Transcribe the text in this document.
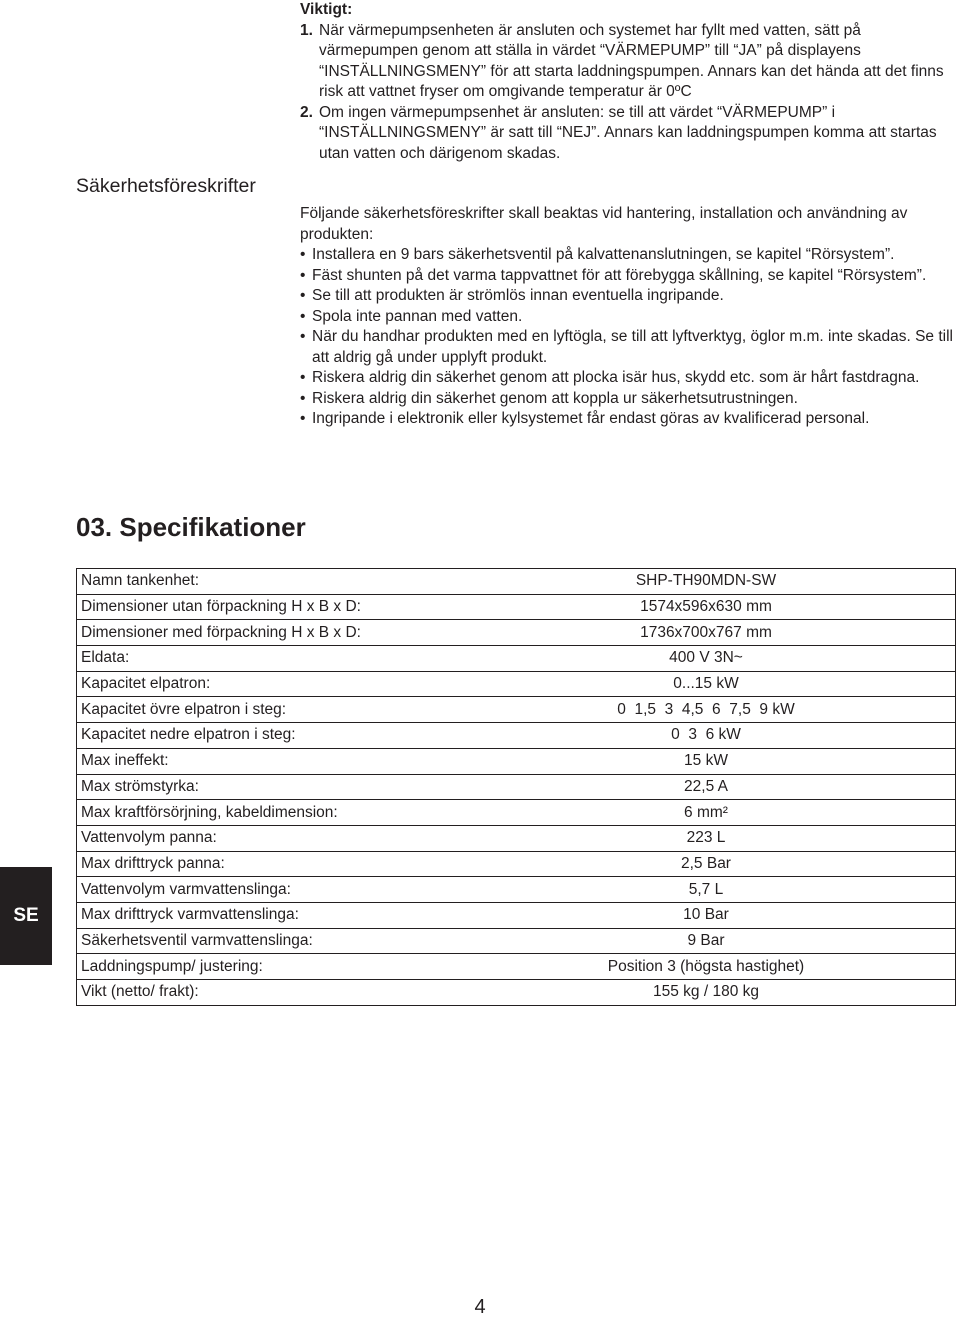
Viktigt:
1. När värmepumpsenheten är ansluten och systemet har fyllt med vatten, sätt på värmepumpen genom att ställa in värdet “VÄRMEPUMP” till “JA” på displayens “INSTÄLLNINGSMENY” för att starta laddningspumpen. Annars kan det hända att det finns risk att vattnet fryser om omgivande temperatur är 0ºC
2. Om ingen värmepumpsenhet är ansluten: se till att värdet “VÄRMEPUMP” i “INSTÄLLNINGSMENY” är satt till “NEJ”. Annars kan laddningspumpen komma att startas utan vatten och därigenom skadas.
Säkerhetsföreskrifter
Följande säkerhetsföreskrifter skall beaktas vid hantering, installation och användning av produkten:
• Installera en 9 bars säkerhetsventil på kalvattenanslutningen, se kapitel “Rörsystem”.
• Fäst shunten på det varma tappvattnet för att förebygga skållning, se kapitel “Rörsystem”.
• Se till att produkten är strömlös innan eventuella ingripande.
• Spola inte pannan med vatten.
• När du handhar produkten med en lyftögla, se till att lyftverktyg, öglor m.m. inte skadas. Se till att aldrig gå under upplyft produkt.
• Riskera aldrig din säkerhet genom att plocka isär hus, skydd etc. som är hårt fastdragna.
• Riskera aldrig din säkerhet genom att koppla ur säkerhetsutrustningen.
• Ingripande i elektronik eller kylsystemet får endast göras av kvalificerad personal.
03. Specifikationer
Namn tankenhet:	SHP-TH90MDN-SW
Dimensioner utan förpackning H x B x D:	1574x596x630 mm
Dimensioner med förpackning H x B x D:	1736x700x767 mm
Eldata:	400 V 3N~
Kapacitet elpatron:	0...15 kW
Kapacitet övre elpatron i steg:	0  1,5  3  4,5  6  7,5  9 kW
Kapacitet nedre elpatron i steg:	0  3  6 kW
Max ineffekt:	15 kW
Max strömstyrka:	22,5 A
Max kraftförsörjning, kabeldimension:	6 mm²
Vattenvolym panna:	223 L
Max drifttryck panna:	2,5 Bar
Vattenvolym varmvattenslinga:	5,7 L
Max drifttryck varmvattenslinga:	10 Bar
Säkerhetsventil varmvattenslinga:	9 Bar
Laddningspump/ justering:	Position 3 (högsta hastighet)
Vikt (netto/ frakt):	155 kg / 180 kg
SE
4
